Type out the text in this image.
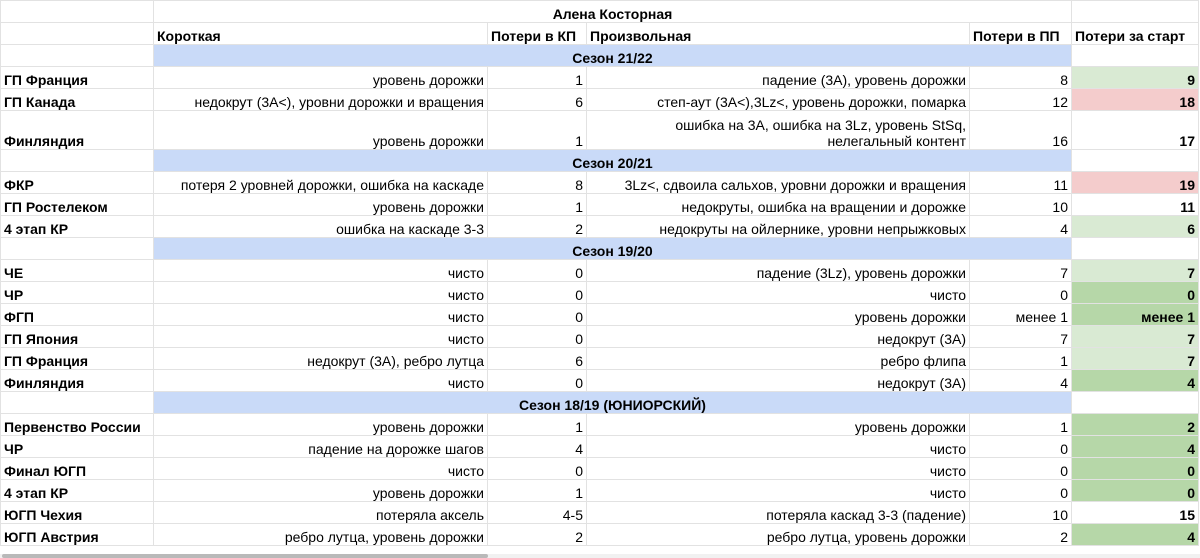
	Алена Косторная				
	Короткая	Потери в КП	Произвольная	Потери в ПП	Потери за старт
	Сезон 21/22				
ГП Франция	уровень дорожки	1	падение (3А), уровень дорожки	8	9
ГП Канада	недокрут (3А<), уровни дорожки и вращения	6	степ-аут (3А<),3Lz<, уровень дорожки, помарка	12	18
Финляндия	уровень дорожки	1	ошибка на 3А, ошибка на 3Lz, уровень StSq, нелегальный контент	16	17
	Сезон 20/21				
ФКР	потеря 2 уровней дорожки, ошибка на каскаде	8	3Lz<, сдвоила сальхов, уровни дорожки и вращения	11	19
ГП Ростелеком	уровень дорожки	1	недокруты, ошибка на вращении и дорожке	10	11
4 этап КР	ошибка на каскаде 3-3	2	недокруты на ойлернике, уровни непрыжковых	4	6
	Сезон 19/20				
ЧЕ	чисто	0	падение (3Lz), уровень дорожки	7	7
ЧР	чисто	0	чисто	0	0
ФГП	чисто	0	уровень дорожки	менее 1	менее 1
ГП Япония	чисто	0	недокрут (3А)	7	7
ГП Франция	недокрут (3А), ребро лутца	6	ребро флипа	1	7
Финляндия	чисто	0	недокрут (3А)	4	4
	Сезон 18/19 (ЮНИОРСКИЙ)				
Первенство России	уровень дорожки	1	уровень дорожки	1	2
ЧР	падение на дорожке шагов	4	чисто	0	4
Финал ЮГП	чисто	0	чисто	0	0
4 этап КР	уровень дорожки	1	чисто	0	0
ЮГП Чехия	потеряла аксель	4-5	потеряла каскад 3-3 (падение)	10	15
ЮГП Австрия	ребро лутца, уровень дорожки	2	ребро лутца, уровень дорожки	2	4
